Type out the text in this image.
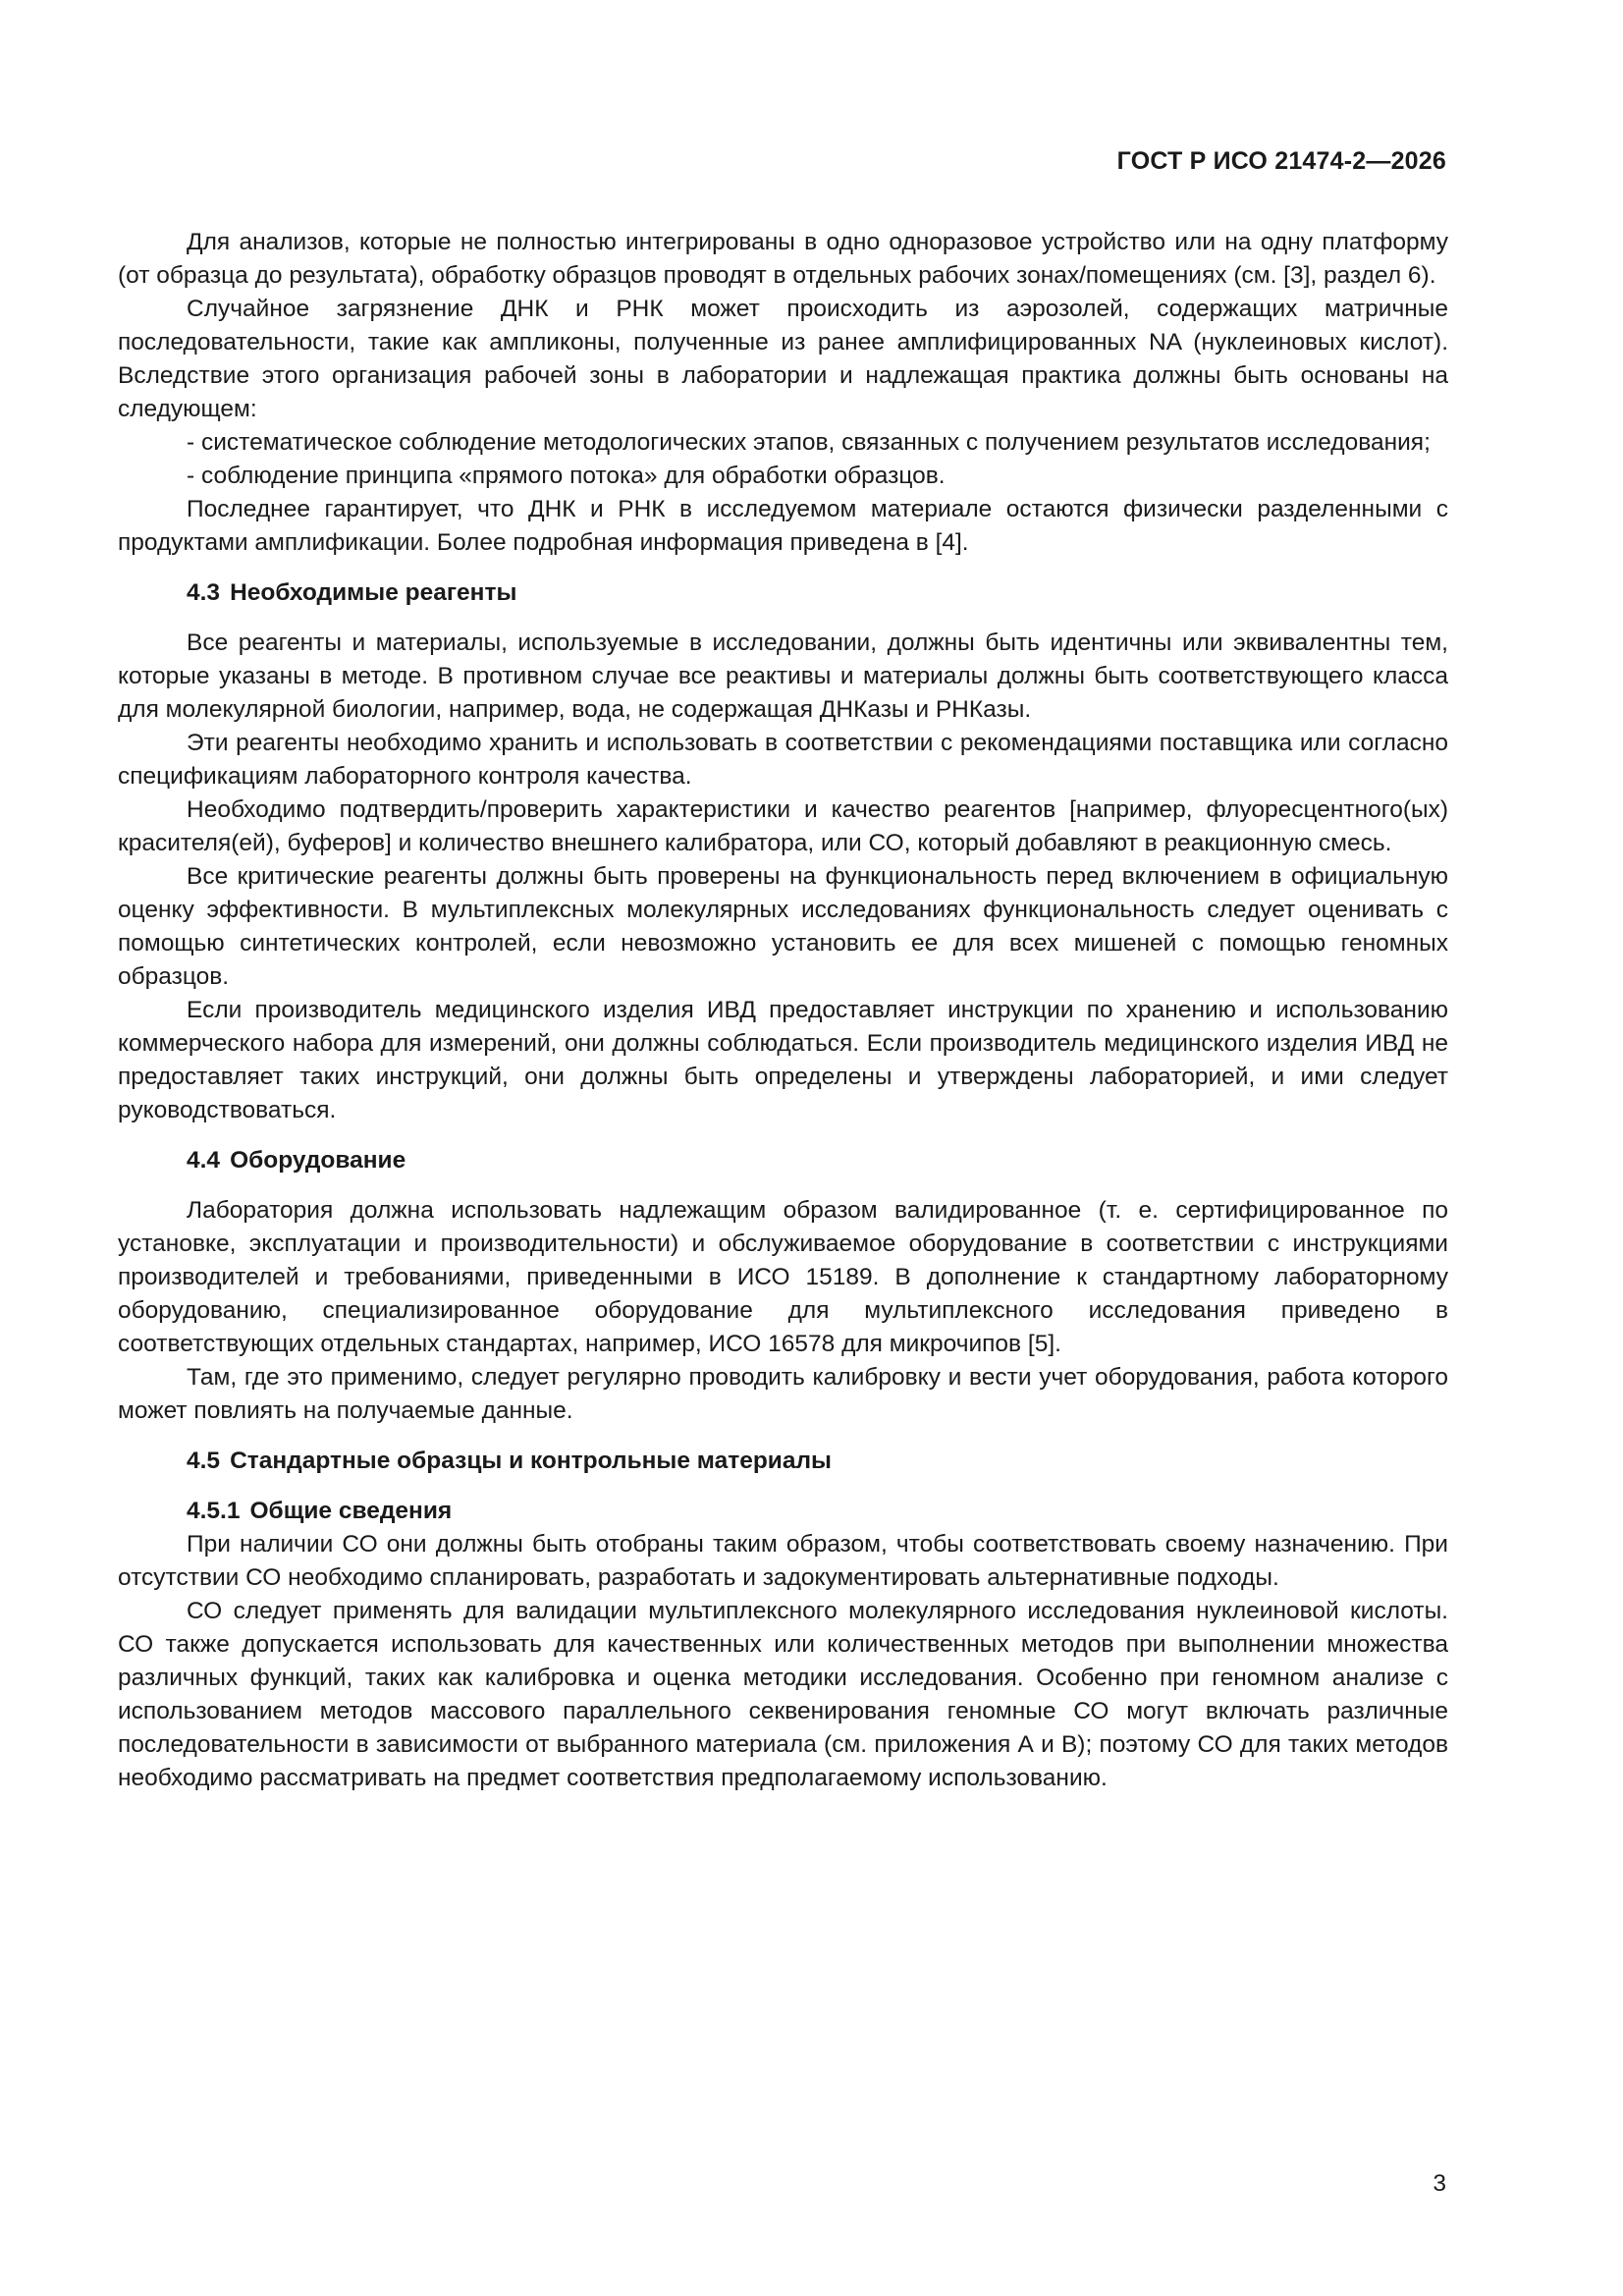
ГОСТ Р ИСО 21474-2—2026

Для анализов, которые не полностью интегрированы в одно одноразовое устройство или на одну платформу (от образца до результата), обработку образцов проводят в отдельных рабочих зонах/помещениях (см. [3], раздел 6).

Случайное загрязнение ДНК и РНК может происходить из аэрозолей, содержащих матричные последовательности, такие как ампликоны, полученные из ранее амплифицированных NA (нуклеиновых кислот). Вследствие этого организация рабочей зоны в лаборатории и надлежащая практика должны быть основаны на следующем:

- систематическое соблюдение методологических этапов, связанных с получением результатов исследования;

- соблюдение принципа «прямого потока» для обработки образцов.

Последнее гарантирует, что ДНК и РНК в исследуемом материале остаются физически разделенными с продуктами амплификации. Более подробная информация приведена в [4].

4.3 Необходимые реагенты

Все реагенты и материалы, используемые в исследовании, должны быть идентичны или эквивалентны тем, которые указаны в методе. В противном случае все реактивы и материалы должны быть соответствующего класса для молекулярной биологии, например, вода, не содержащая ДНКазы и РНКазы.

Эти реагенты необходимо хранить и использовать в соответствии с рекомендациями поставщика или согласно спецификациям лабораторного контроля качества.

Необходимо подтвердить/проверить характеристики и качество реагентов [например, флуоресцентного(ых) красителя(ей), буферов] и количество внешнего калибратора, или СО, который добавляют в реакционную смесь.

Все критические реагенты должны быть проверены на функциональность перед включением в официальную оценку эффективности. В мультиплексных молекулярных исследованиях функциональность следует оценивать с помощью синтетических контролей, если невозможно установить ее для всех мишеней с помощью геномных образцов.

Если производитель медицинского изделия ИВД предоставляет инструкции по хранению и использованию коммерческого набора для измерений, они должны соблюдаться. Если производитель медицинского изделия ИВД не предоставляет таких инструкций, они должны быть определены и утверждены лабораторией, и ими следует руководствоваться.

4.4 Оборудование

Лаборатория должна использовать надлежащим образом валидированное (т. е. сертифицированное по установке, эксплуатации и производительности) и обслуживаемое оборудование в соответствии с инструкциями производителей и требованиями, приведенными в ИСО 15189. В дополнение к стандартному лабораторному оборудованию, специализированное оборудование для мультиплексного исследования приведено в соответствующих отдельных стандартах, например, ИСО 16578 для микрочипов [5].

Там, где это применимо, следует регулярно проводить калибровку и вести учет оборудования, работа которого может повлиять на получаемые данные.

4.5 Стандартные образцы и контрольные материалы
4.5.1 Общие сведения

При наличии СО они должны быть отобраны таким образом, чтобы соответствовать своему назначению. При отсутствии СО необходимо спланировать, разработать и задокументировать альтернативные подходы.

СО следует применять для валидации мультиплексного молекулярного исследования нуклеиновой кислоты. СО также допускается использовать для качественных или количественных методов при выполнении множества различных функций, таких как калибровка и оценка методики исследования. Особенно при геномном анализе с использованием методов массового параллельного секвенирования геномные СО могут включать различные последовательности в зависимости от выбранного материала (см. приложения А и В); поэтому СО для таких методов необходимо рассматривать на предмет соответствия предполагаемому использованию.

3
